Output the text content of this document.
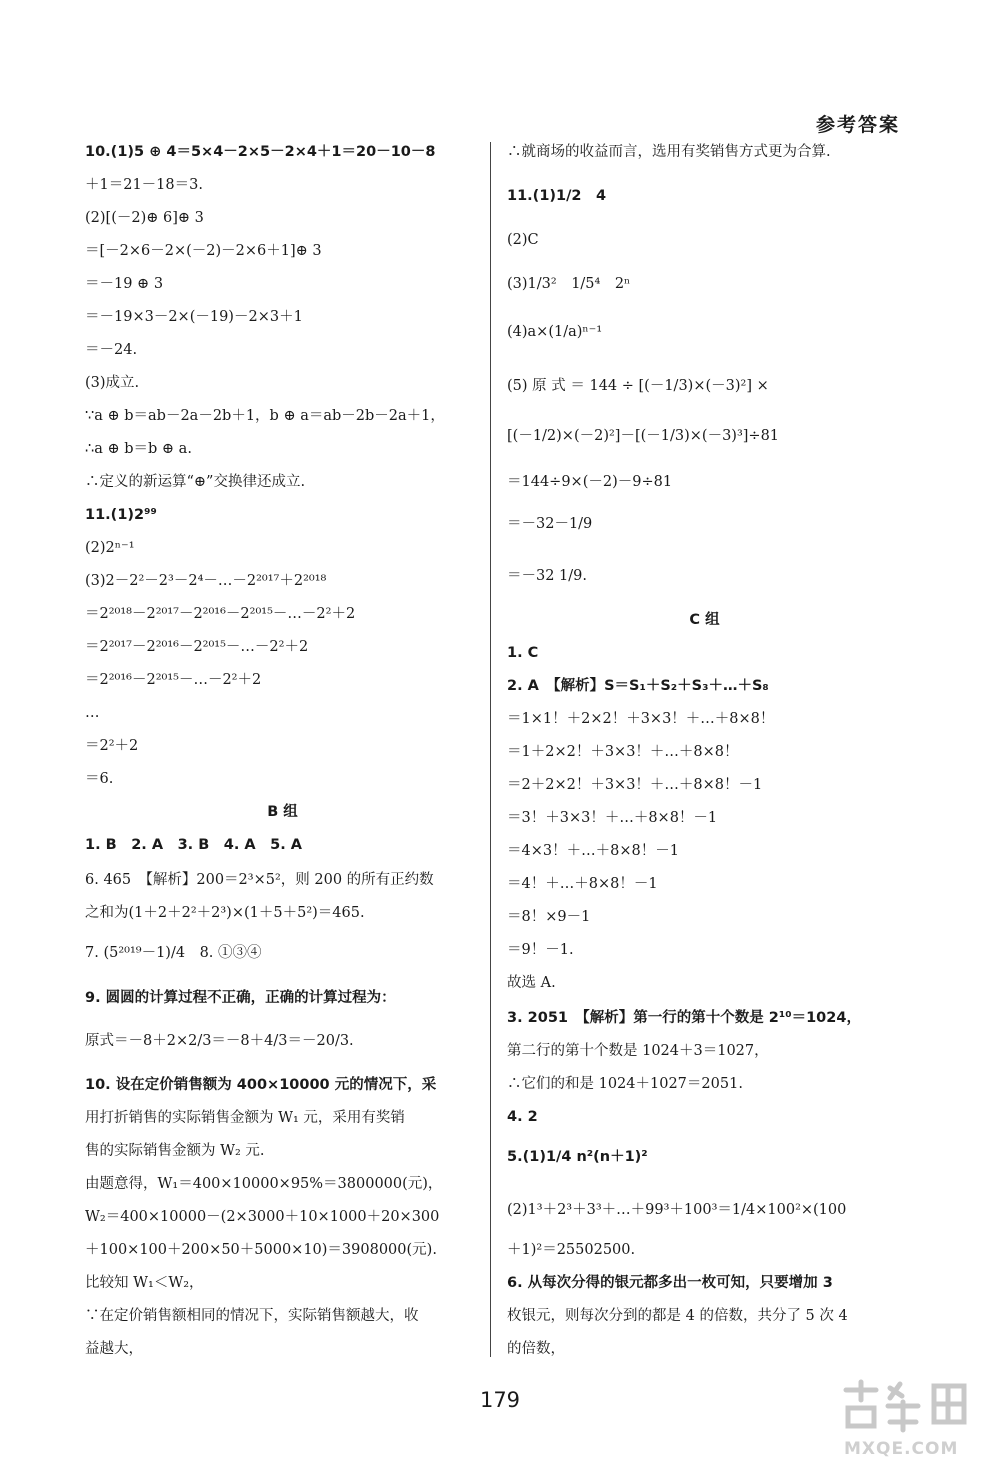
参考答案
10.(1)5 ⊕ 4＝5×4－2×5－2×4＋1＝20－10－8
＋1＝21－18＝3.
(2)[(－2)⊕ 6]⊕ 3
＝[－2×6－2×(－2)－2×6＋1]⊕ 3
＝－19 ⊕ 3
＝－19×3－2×(－19)－2×3＋1
＝－24.
(3)成立.
∵a ⊕ b＝ab－2a－2b＋1，b ⊕ a＝ab－2b－2a＋1，
∴a ⊕ b＝b ⊕ a.
∴定义的新运算“⊕”交换律还成立.
11.(1)2⁹⁹
(2)2ⁿ⁻¹
(3)2－2²－2³－2⁴－…－2²⁰¹⁷＋2²⁰¹⁸
＝2²⁰¹⁸－2²⁰¹⁷－2²⁰¹⁶－2²⁰¹⁵－…－2²＋2
＝2²⁰¹⁷－2²⁰¹⁶－2²⁰¹⁵－…－2²＋2
＝2²⁰¹⁶－2²⁰¹⁵－…－2²＋2
…
＝2²＋2
＝6.
B 组
1. B　2. A　3. B　4. A　5. A
6. 465　【解析】200＝2³×5²，则 200 的所有正约数
之和为(1＋2＋2²＋2³)×(1＋5＋5²)＝465.
7. (5²⁰¹⁹－1)/4　8. ①③④
9. 圆圆的计算过程不正确，正确的计算过程为：
原式＝－8＋2×2/3＝－8＋4/3＝－20/3.
10. 设在定价销售额为 400×10000 元的情况下，采
用打折销售的实际销售金额为 W₁ 元，采用有奖销
售的实际销售金额为 W₂ 元.
由题意得，W₁＝400×10000×95%＝3800000(元)，
W₂＝400×10000－(2×3000＋10×1000＋20×300
＋100×100＋200×50＋5000×10)＝3908000(元).
比较知 W₁＜W₂，
∵在定价销售额相同的情况下，实际销售额越大，收
益越大，
∴就商场的收益而言，选用有奖销售方式更为合算.
11.(1)1/2　4
(2)C
(3)1/3²　1/5⁴　2ⁿ
(4)a×(1/a)ⁿ⁻¹
(5) 原 式 ＝ 144 ÷ [(－1/3)×(－3)²] ×
[(－1/2)×(－2)²]－[(－1/3)×(－3)³]÷81
＝144÷9×(－2)－9÷81
＝－32－1/9
＝－32 1/9.
C 组
1. C
2. A　【解析】S＝S₁＋S₂＋S₃＋…＋S₈
＝1×1！＋2×2！＋3×3！＋…＋8×8！
＝1＋2×2！＋3×3！＋…＋8×8！
＝2＋2×2！＋3×3！＋…＋8×8！－1
＝3！＋3×3！＋…＋8×8！－1
＝4×3！＋…＋8×8！－1
＝4！＋…＋8×8！－1
＝8！×9－1
＝9！－1.
故选 A.
3. 2051　【解析】第一行的第十个数是 2¹⁰＝1024，
第二行的第十个数是 1024＋3＝1027，
∴它们的和是 1024＋1027＝2051.
4. 2
5.(1)1/4 n²(n＋1)²
(2)1³＋2³＋3³＋…＋99³＋100³＝1/4×100²×(100
＋1)²＝25502500.
6. 从每次分得的银元都多出一枚可知，只要增加 3
枚银元，则每次分到的都是 4 的倍数，共分了 5 次 4
的倍数，
179
MXQE.COM
